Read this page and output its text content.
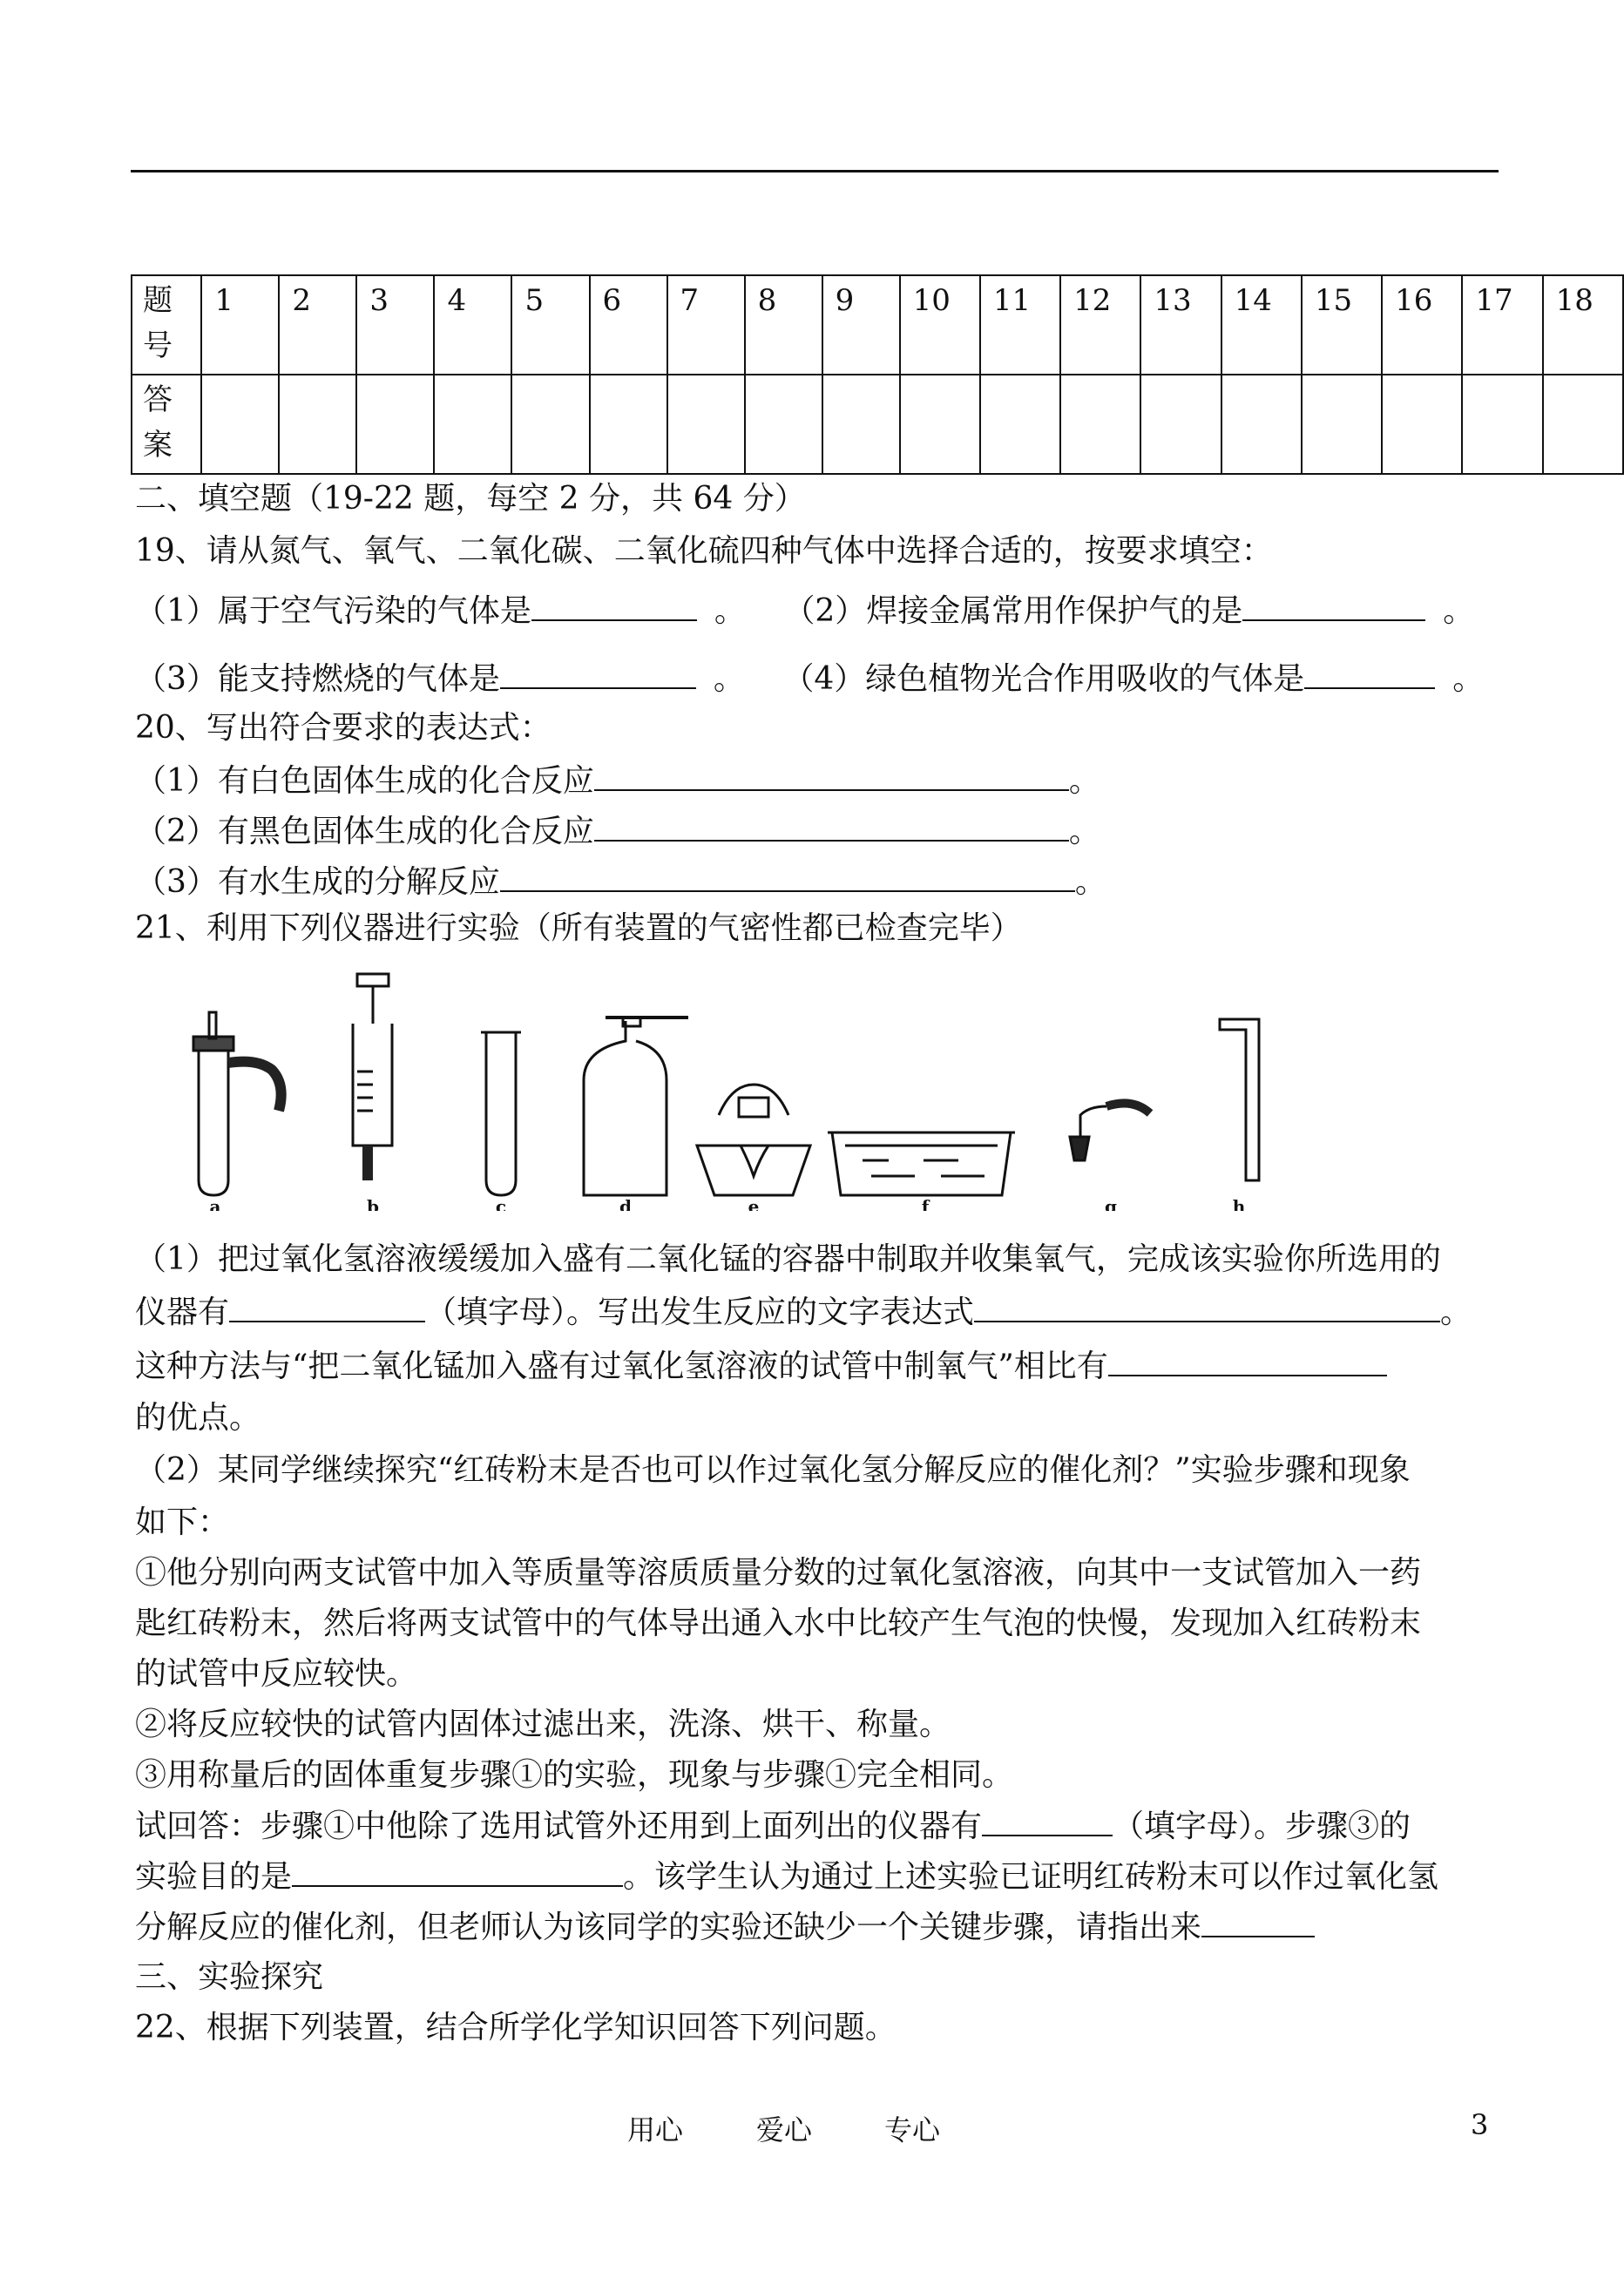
题号	1	2	3	4	5	6	7	8	9	10	11	12	13	14	15	16	17	18
答案																		
二、填空题（19-22 题，每空 2 分，共 64 分）
19、请从氮气、氧气、二氧化碳、二氧化硫四种气体中选择合适的，按要求填空：
（1）属于空气污染的气体是	。 （2）焊接金属常用作保护气的是	。
（3）能支持燃烧的气体是	。 （4）绿色植物光合作用吸收的气体是	。
20、写出符合要求的表达式：
（1）有白色固体生成的化合反应	。
（2）有黑色固体生成的化合反应	。
（3）有水生成的分解反应	。
21、利用下列仪器进行实验（所有装置的气密性都已检查完毕）
a	b	c	d	e	f	g	h
（1）把过氧化氢溶液缓缓加入盛有二氧化锰的容器中制取并收集氧气，完成该实验你所选用的
仪器有	（填字母）。写出发生反应的文字表达式	。
这种方法与“把二氧化锰加入盛有过氧化氢溶液的试管中制氧气”相比有
的优点。
（2）某同学继续探究“红砖粉末是否也可以作过氧化氢分解反应的催化剂？”实验步骤和现象
如下：
①他分别向两支试管中加入等质量等溶质质量分数的过氧化氢溶液，向其中一支试管加入一药
匙红砖粉末，然后将两支试管中的气体导出通入水中比较产生气泡的快慢，发现加入红砖粉末
的试管中反应较快。
②将反应较快的试管内固体过滤出来，洗涤、烘干、称量。
③用称量后的固体重复步骤①的实验，现象与步骤①完全相同。
试回答：步骤①中他除了选用试管外还用到上面列出的仪器有	（填字母）。步骤③的
实验目的是	。该学生认为通过上述实验已证明红砖粉末可以作过氧化氢
分解反应的催化剂，但老师认为该同学的实验还缺少一个关键步骤，请指出来
三、实验探究
22、根据下列装置，结合所学化学知识回答下列问题。
用心	爱心	专心	3
